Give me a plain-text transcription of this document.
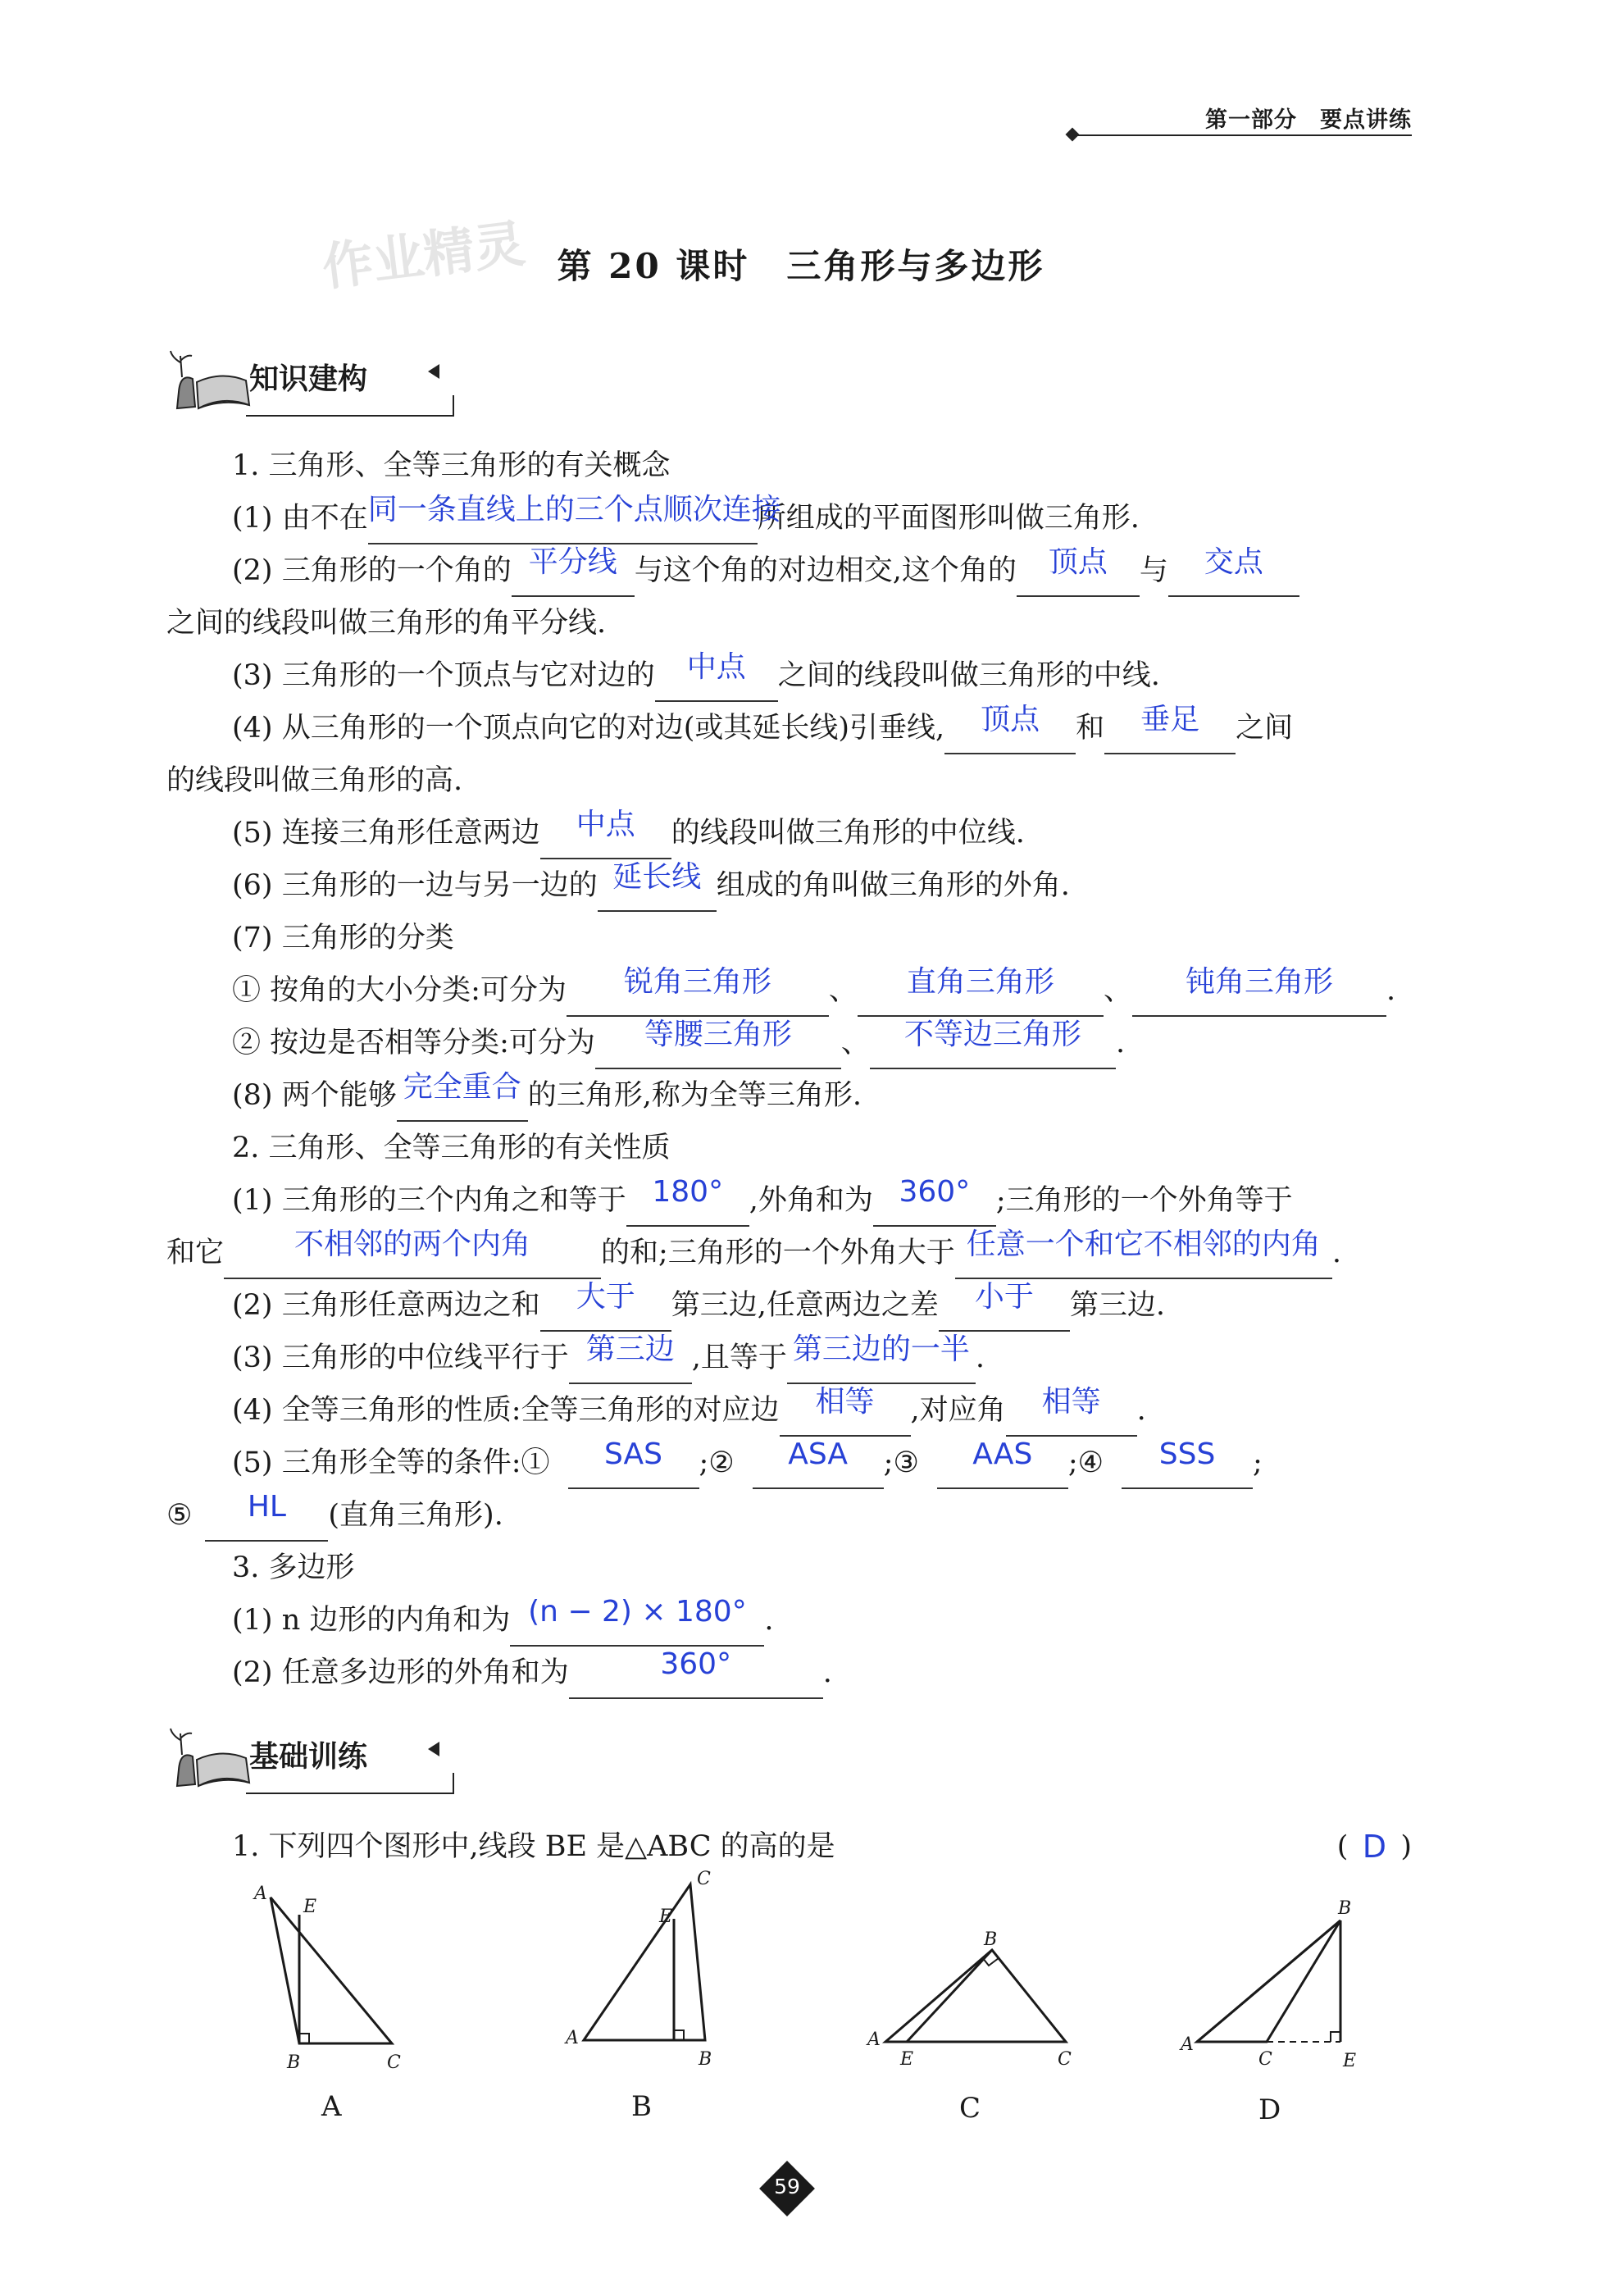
第一部分　 要点讲练
作业精灵 第 20 课时　三角形与多边形
知识建构
1. 三角形、全等三角形的有关概念
(1) 由不在 同一条直线上的三个点顺次连接
所组成的平面图形叫做三角形.
(2) 三角形的一个角的 平分线 与这个角的对边相交,这个角的	顶点	与	交点
之间的线段叫做三角形的角平分线.
(3) 三角形的一个顶点与它对边的	中点	之间的线段叫做三角形的中线.
(4) 从三角形的一个顶点向它的对边(或其延长线)引垂线,	顶点	和	垂足	之间
的线段叫做三角形的高.
(5) 连接三角形任意两边	中点	的线段叫做三角形的中位线.
(6) 三角形的一边与另一边的 延长线 组成的角叫做三角形的外角.
(7) 三角形的分类
① 按角的大小分类:可分为	锐角三角形	、	直角三角形	、	钝角三角形	.
② 按边是否相等分类:可分为	等腰三角形	、	不等边三角形	.
(8) 两个能够 完全重合 的三角形,称为全等三角形.
2. 三角形、全等三角形的有关性质
(1) 三角形的三个内角之和等于 180° ,外角和为 360° ;三角形的一个外角等于
和它	不相邻的两个内角	的和;三角形的一个外角大于 任意一个和它不相邻的内角 .
(2) 三角形任意两边之和	大于	第三边,任意两边之差	小于	第三边.
(3) 三角形的中位线平行于 第三边 ,且等于 第三边的一半 .
(4) 全等三角形的性质:全等三角形的对应边	相等	,对应角	相等	.
(5) 三角形全等的条件:①	SAS	;②	ASA	;③	AAS	;④	SSS	;
⑤	HL	(直角三角形).
3. 多边形
(1) n 边形的内角和为 (n − 2) × 180° .
(2) 任意多边形的外角和为	360°	.
基础训练
1. 下列四个图形中,线段 BE 是△ABC 的高的是	( D )
A
E
B	C
A
B
C
E
A
B
C
E
A
B
C	E
A	B	C	D
59
